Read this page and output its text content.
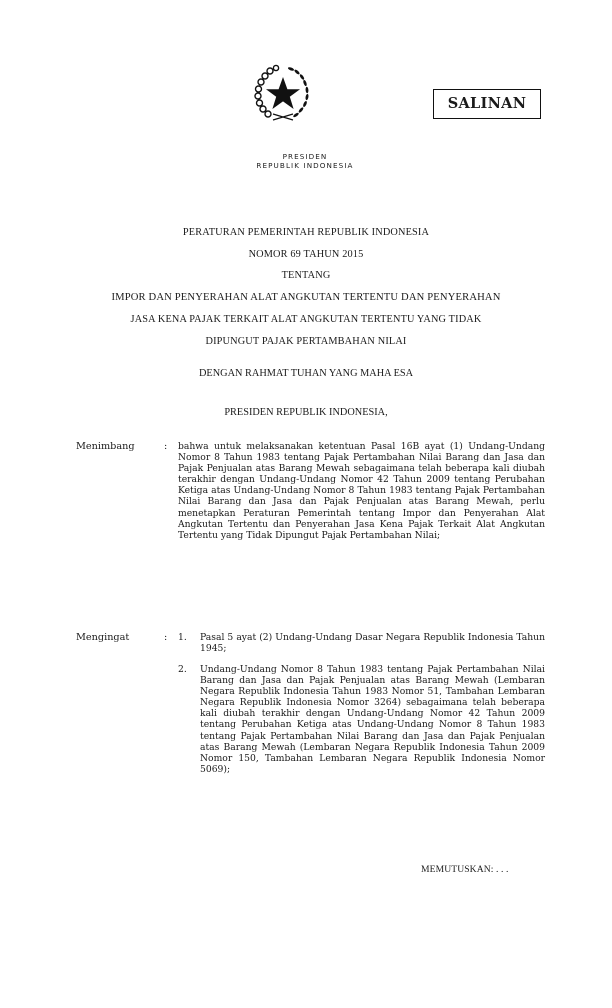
PRESIDEN
REPUBLIK INDONESIA
SALINAN
PERATURAN PEMERINTAH REPUBLIK INDONESIA
NOMOR 69 TAHUN 2015
TENTANG
IMPOR DAN PENYERAHAN ALAT ANGKUTAN TERTENTU DAN PENYERAHAN
JASA KENA PAJAK TERKAIT ALAT ANGKUTAN TERTENTU YANG TIDAK
DIPUNGUT PAJAK PERTAMBAHAN NILAI
DENGAN RAHMAT TUHAN YANG MAHA ESA
PRESIDEN REPUBLIK INDONESIA,
Menimbang	: bahwa untuk melaksanakan ketentuan Pasal 16B ayat (1) Undang-Undang Nomor 8 Tahun 1983 tentang Pajak Pertambahan Nilai Barang dan Jasa dan Pajak Penjualan atas Barang Mewah sebagaimana telah beberapa kali diubah terakhir dengan Undang-Undang Nomor 42 Tahun 2009 tentang Perubahan Ketiga atas Undang-Undang Nomor 8 Tahun 1983 tentang Pajak Pertambahan Nilai Barang dan Jasa dan Pajak Penjualan atas Barang Mewah, perlu menetapkan Peraturan Pemerintah tentang Impor dan Penyerahan Alat Angkutan Tertentu dan Penyerahan Jasa Kena Pajak Terkait Alat Angkutan Tertentu yang Tidak Dipungut Pajak Pertambahan Nilai;
Mengingat	: 1. Pasal 5 ayat (2) Undang-Undang Dasar Negara Republik Indonesia Tahun 1945;
2. Undang-Undang Nomor 8 Tahun 1983 tentang Pajak Pertambahan Nilai Barang dan Jasa dan Pajak Penjualan atas Barang Mewah (Lembaran Negara Republik Indonesia Tahun 1983 Nomor 51, Tambahan Lembaran Negara Republik Indonesia Nomor 3264) sebagaimana telah beberapa kali diubah terakhir dengan Undang-Undang Nomor 42 Tahun 2009 tentang Perubahan Ketiga atas Undang-Undang Nomor 8 Tahun 1983 tentang Pajak Pertambahan Nilai Barang dan Jasa dan Pajak Penjualan atas Barang Mewah (Lembaran Negara Republik Indonesia Tahun 2009 Nomor 150, Tambahan Lembaran Negara Republik Indonesia Nomor 5069);
MEMUTUSKAN: . . .
